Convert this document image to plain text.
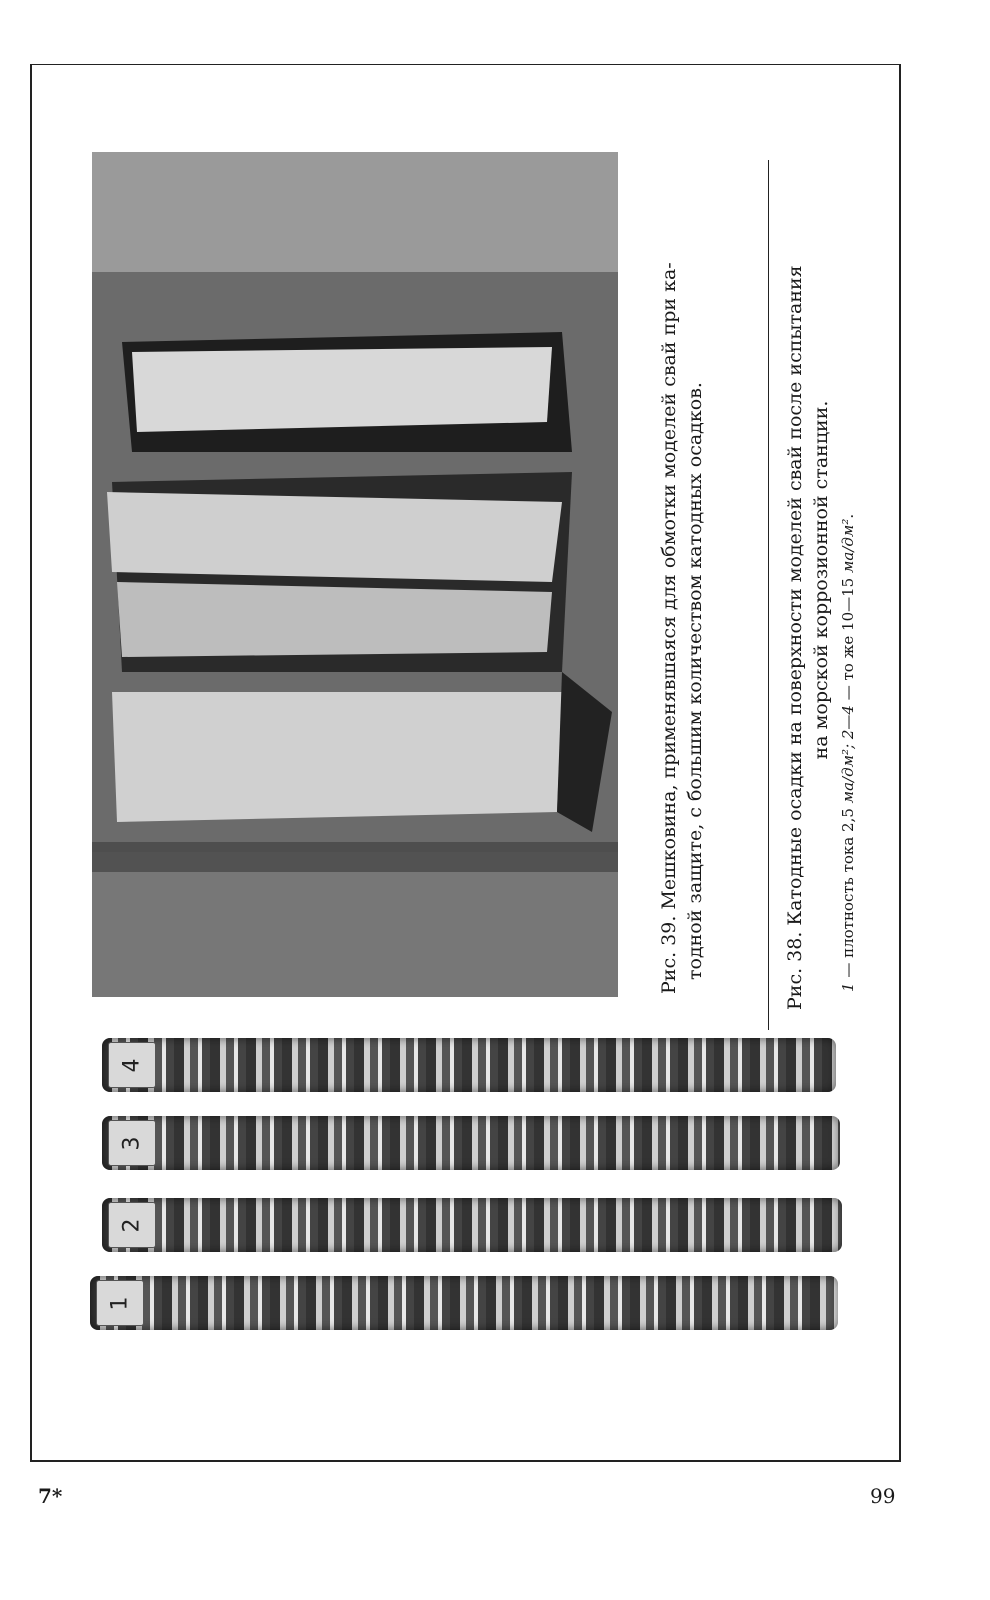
Рис. 39. Мешковина, применявшаяся для обмотки моделей свай при ка- тодной защите, с большим количеством катодных осадков.	Рис. 38. Катодные осадки на поверхности моделей свай после испытания на морской коррозионной станции.
1 — плотность тока 2,5 ма/дм²; 2—4 — то же 10—15 ма/дм².
4
3
2
1
7*	99
